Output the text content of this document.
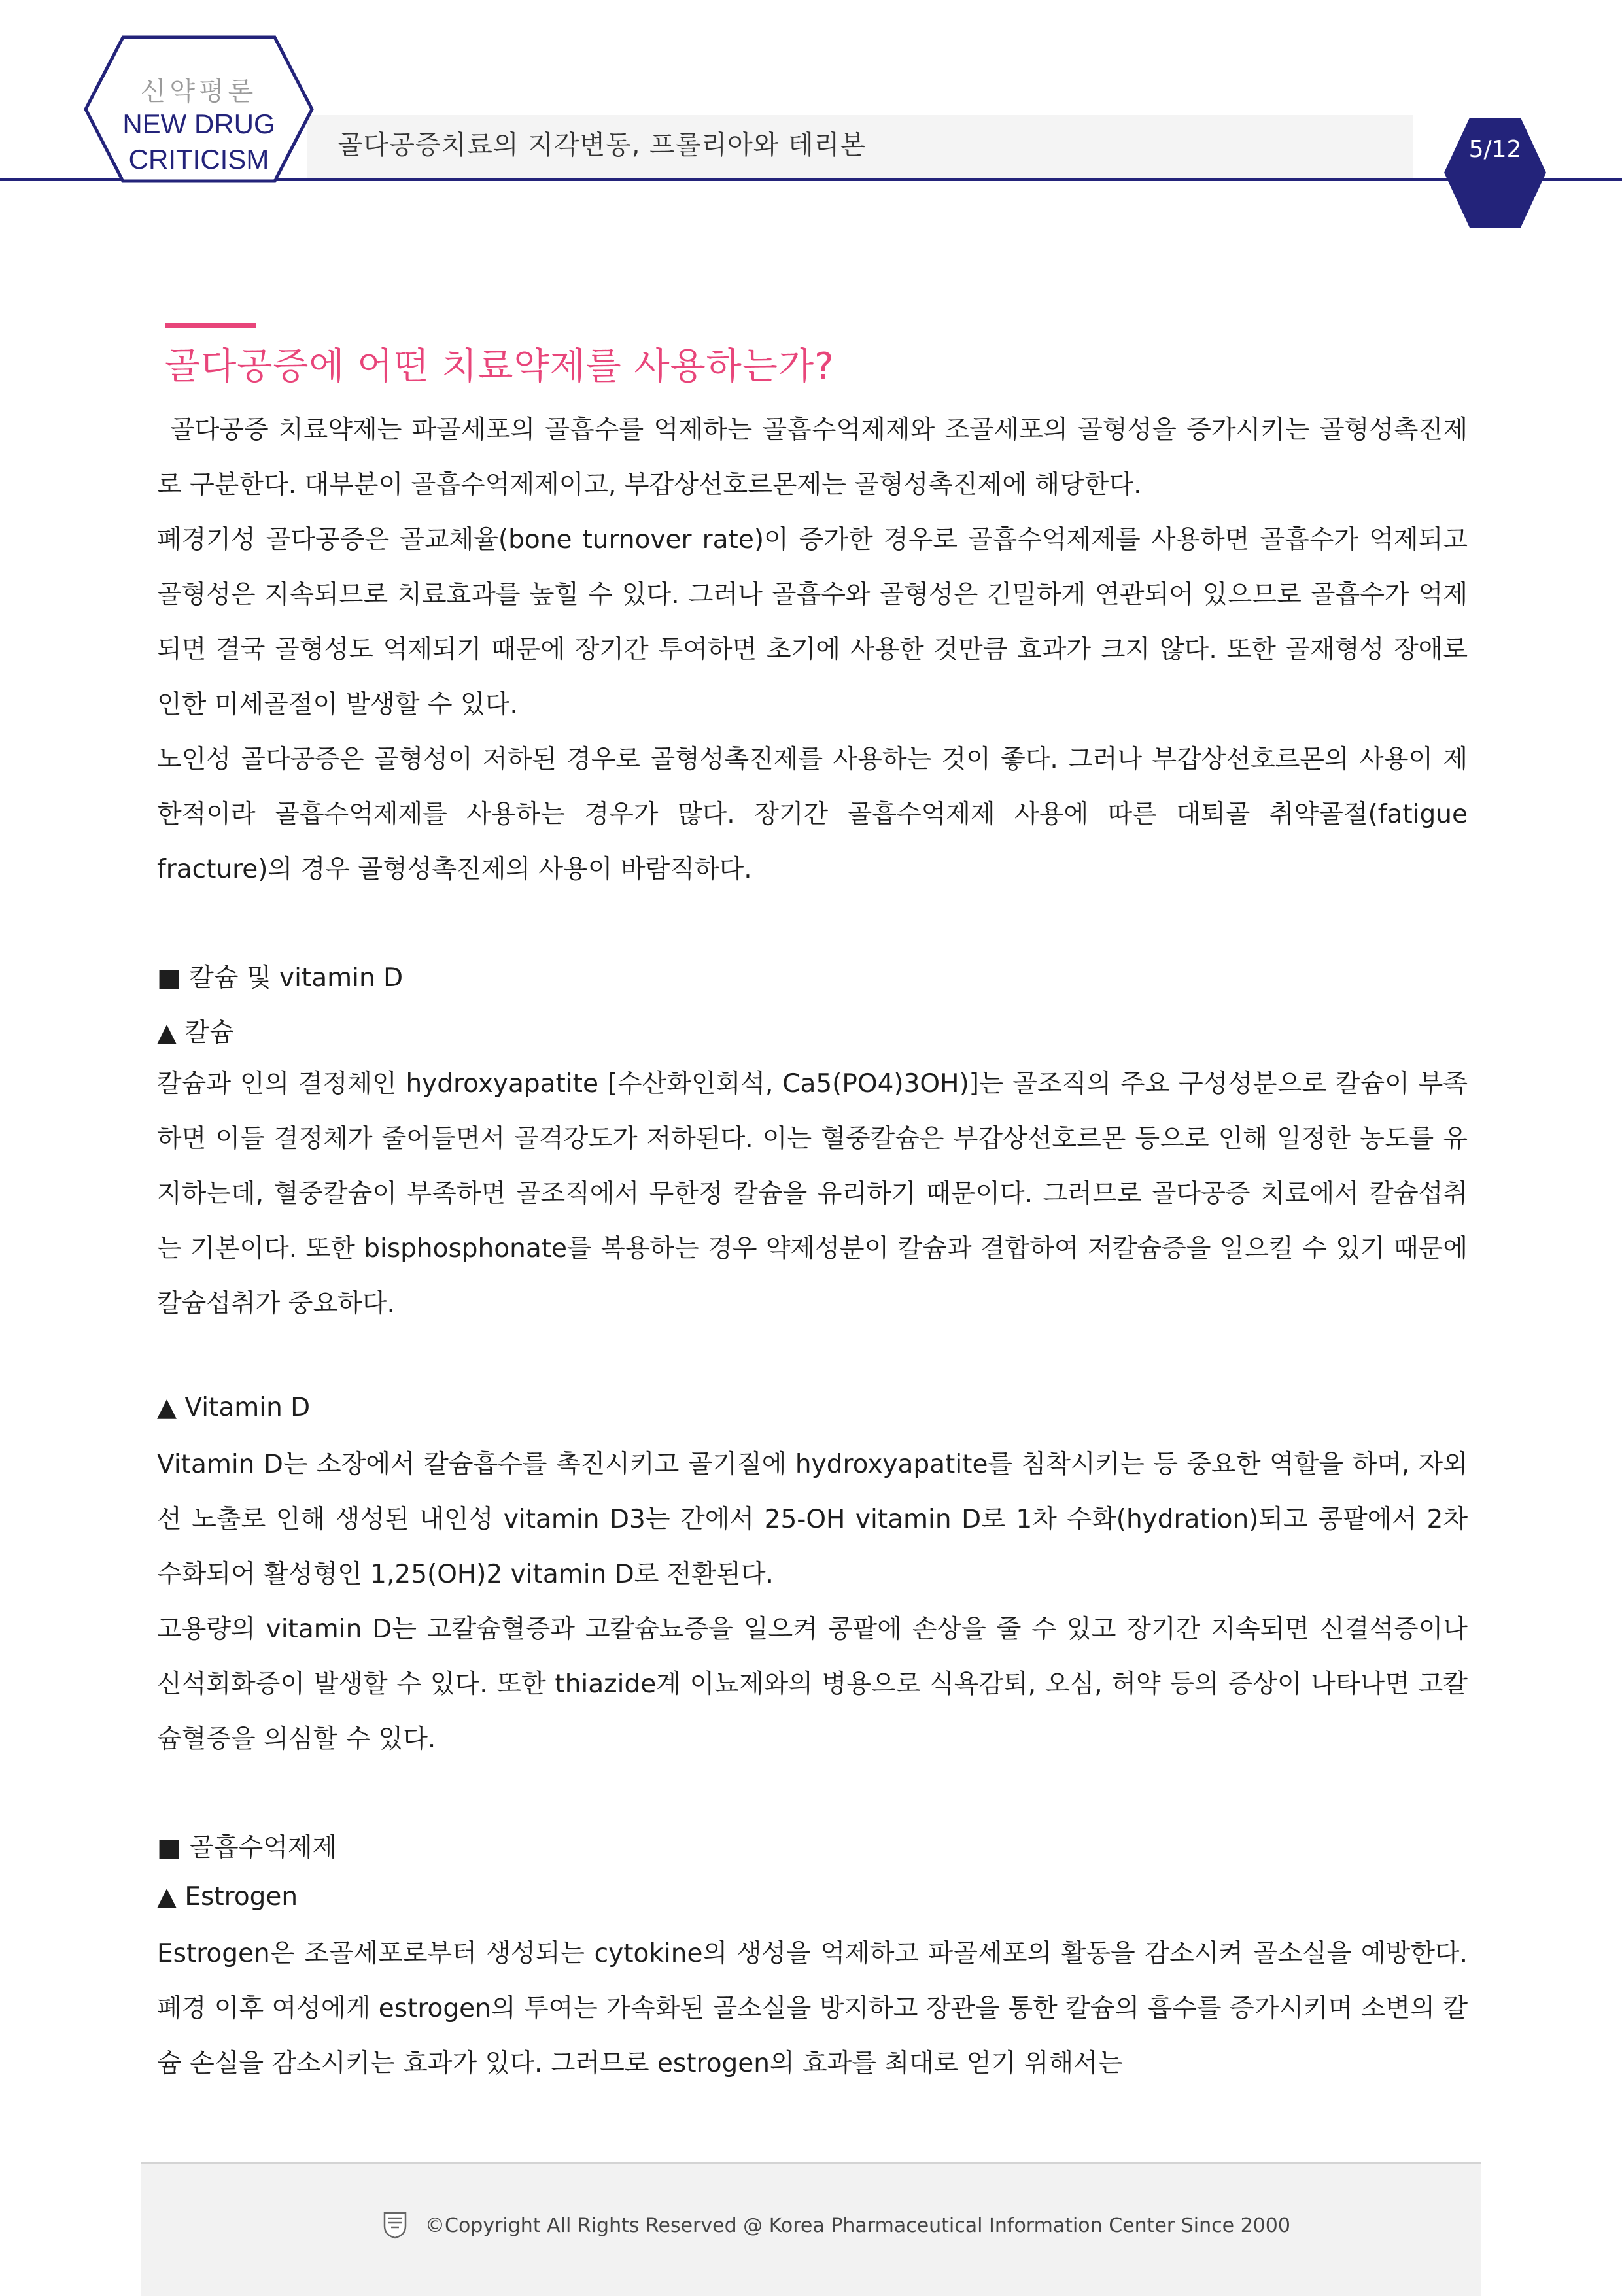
골다공증치료의 지각변동, 프롤리아와 테리본
신약평론
NEW DRUG
CRITICISM	5/12
골다공증에 어떤 치료약제를 사용하는가?

골다공증 치료약제는 파골세포의 골흡수를 억제하는 골흡수억제제와 조골세포의 골형성을 증가시키는 골형성촉진제로 구분한다. 대부분이 골흡수억제제이고, 부갑상선호르몬제는 골형성촉진제에 해당한다.

폐경기성 골다공증은 골교체율(bone turnover rate)이 증가한 경우로 골흡수억제제를 사용하면 골흡수가 억제되고 골형성은 지속되므로 치료효과를 높힐 수 있다. 그러나 골흡수와 골형성은 긴밀하게 연관되어 있으므로 골흡수가 억제되면 결국 골형성도 억제되기 때문에 장기간 투여하면 초기에 사용한 것만큼 효과가 크지 않다. 또한 골재형성 장애로 인한 미세골절이 발생할 수 있다.

노인성 골다공증은 골형성이 저하된 경우로 골형성촉진제를 사용하는 것이 좋다. 그러나 부갑상선호르몬의 사용이 제한적이라 골흡수억제제를 사용하는 경우가 많다. 장기간 골흡수억제제 사용에 따른 대퇴골 취약골절(fatigue fracture)의 경우 골형성촉진제의 사용이 바람직하다.

■ 칼슘 및 vitamin D
▲ 칼슘

칼슘과 인의 결정체인 hydroxyapatite [수산화인회석, Ca5(PO4)3OH)]는 골조직의 주요 구성성분으로 칼슘이 부족하면 이들 결정체가 줄어들면서 골격강도가 저하된다. 이는 혈중칼슘은 부갑상선호르몬 등으로 인해 일정한 농도를 유지하는데, 혈중칼슘이 부족하면 골조직에서 무한정 칼슘을 유리하기 때문이다. 그러므로 골다공증 치료에서 칼슘섭취는 기본이다. 또한 bisphosphonate를 복용하는 경우 약제성분이 칼슘과 결합하여 저칼슘증을 일으킬 수 있기 때문에 칼슘섭취가 중요하다.

▲ Vitamin D

Vitamin D는 소장에서 칼슘흡수를 촉진시키고 골기질에 hydroxyapatite를 침착시키는 등 중요한 역할을 하며, 자외선 노출로 인해 생성된 내인성 vitamin D3는 간에서 25-OH vitamin D로 1차 수화(hydration)되고 콩팥에서 2차 수화되어 활성형인 1,25(OH)2 vitamin D로 전환된다.

고용량의 vitamin D는 고칼슘혈증과 고칼슘뇨증을 일으켜 콩팥에 손상을 줄 수 있고 장기간 지속되면 신결석증이나 신석회화증이 발생할 수 있다. 또한 thiazide계 이뇨제와의 병용으로 식욕감퇴, 오심, 허약 등의 증상이 나타나면 고칼슘혈증을 의심할 수 있다.

■ 골흡수억제제
▲ Estrogen

Estrogen은 조골세포로부터 생성되는 cytokine의 생성을 억제하고 파골세포의 활동을 감소시켜 골소실을 예방한다. 폐경 이후 여성에게 estrogen의 투여는 가속화된 골소실을 방지하고 장관을 통한 칼슘의 흡수를 증가시키며 소변의 칼슘 손실을 감소시키는 효과가 있다. 그러므로 estrogen의 효과를 최대로 얻기 위해서는

©Copyright All Rights Reserved @ Korea Pharmaceutical Information Center Since 2000
